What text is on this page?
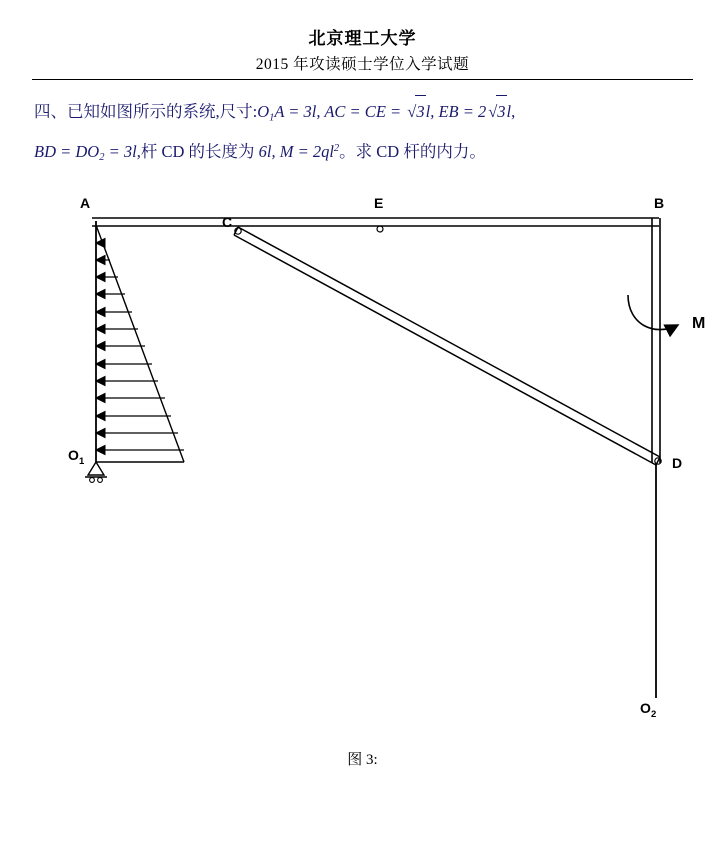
北京理工大学
2015 年攻读硕士学位入学试题
四、已知如图所示的系统,尺寸$:O_1A = 3l$, AC = CE = √3l, EB = 2 √3l,
BD = $DO_2 = 3l$,杆 CD 的长度为 6l, $M = 2ql^2$。求 CD 杆的内力。
A	E	B
C
D
M
O 1
O 2
图 3:
